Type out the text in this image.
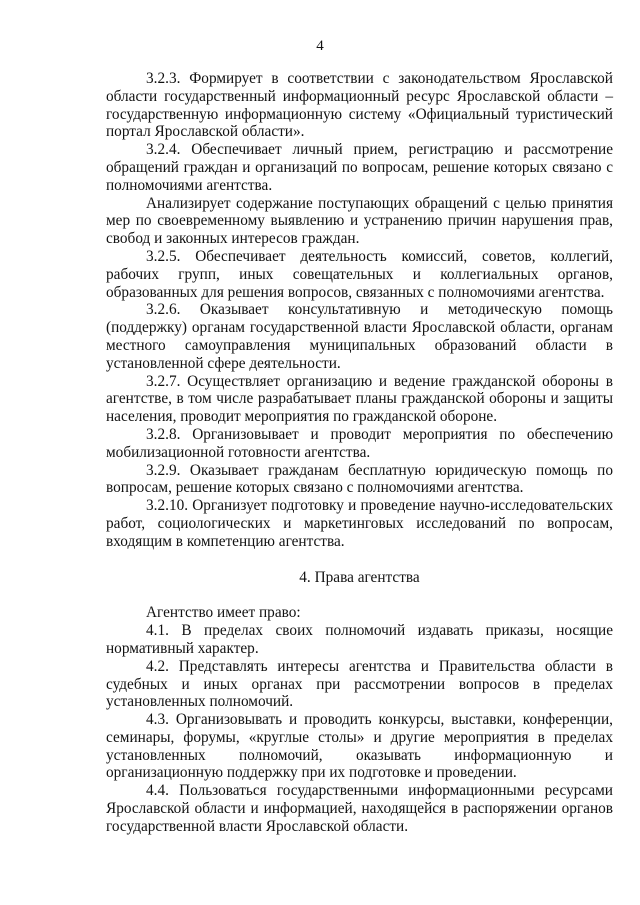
4

3.2.3. Формирует в соответствии с законодательством Ярославской области государственный информационный ресурс Ярославской области – государственную информационную систему «Официальный туристический портал Ярославской области».

3.2.4. Обеспечивает личный прием, регистрацию и рассмотрение обращений граждан и организаций по вопросам, решение которых связано с полномочиями агентства.

Анализирует содержание поступающих обращений с целью принятия мер по своевременному выявлению и устранению причин нарушения прав, свобод и законных интересов граждан.

3.2.5. Обеспечивает деятельность комиссий, советов, коллегий, рабочих групп, иных совещательных и коллегиальных органов, образованных для решения вопросов, связанных с полномочиями агентства.

3.2.6. Оказывает консультативную и методическую помощь (поддержку) органам государственной власти Ярославской области, органам местного самоуправления муниципальных образований области в установленной сфере деятельности.

3.2.7. Осуществляет организацию и ведение гражданской обороны в агентстве, в том числе разрабатывает планы гражданской обороны и защиты населения, проводит мероприятия по гражданской обороне.

3.2.8. Организовывает и проводит мероприятия по обеспечению мобилизационной готовности агентства.

3.2.9. Оказывает гражданам бесплатную юридическую помощь по вопросам, решение которых связано с полномочиями агентства.

3.2.10. Организует подготовку и проведение научно-исследовательских работ, социологических и маркетинговых исследований по вопросам, входящим в компетенцию агентства.

4. Права агентства

Агентство имеет право:

4.1. В пределах своих полномочий издавать приказы, носящие нормативный характер.

4.2. Представлять интересы агентства и Правительства области в судебных и иных органах при рассмотрении вопросов в пределах установленных полномочий.

4.3. Организовывать и проводить конкурсы, выставки, конференции, семинары, форумы, «круглые столы» и другие мероприятия в пределах установленных полномочий, оказывать информационную и организационную поддержку при их подготовке и проведении.

4.4. Пользоваться государственными информационными ресурсами Ярославской области и информацией, находящейся в распоряжении органов государственной власти Ярославской области.
